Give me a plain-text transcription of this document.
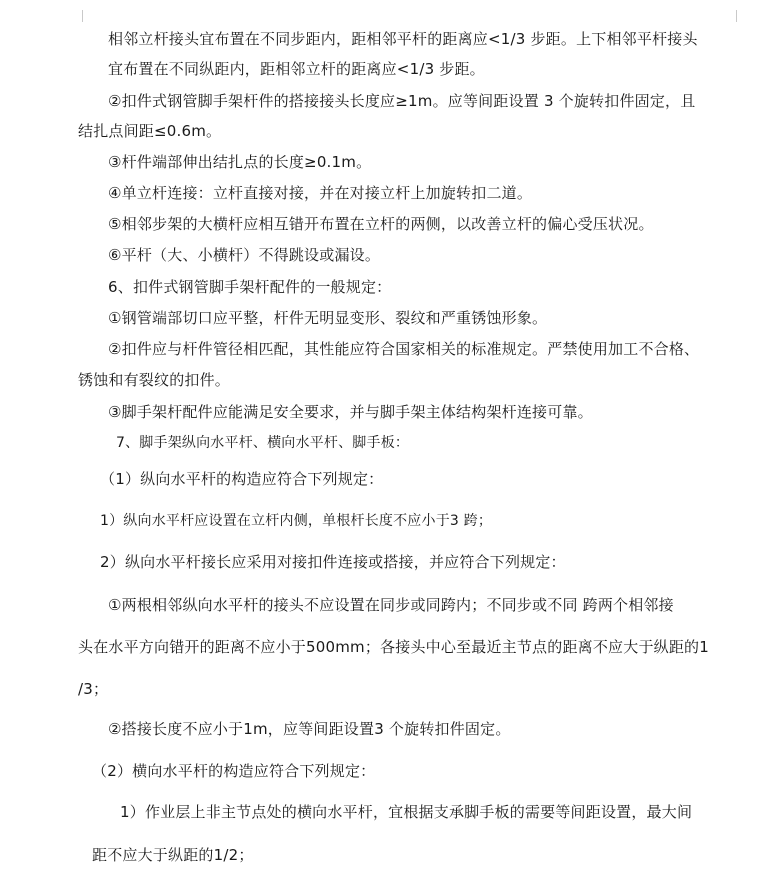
相邻立杆接头宜布置在不同步距内，距相邻平杆的距离应<1/3 步距。上下相邻平杆接头
宜布置在不同纵距内，距相邻立杆的距离应<1/3 步距。
②扣件式钢管脚手架杆件的搭接接头长度应≥1m。应等间距设置 3 个旋转扣件固定，且
结扎点间距≤0.6m。
③杆件端部伸出结扎点的长度≥0.1m。
④单立杆连接：立杆直接对接，并在对接立杆上加旋转扣二道。
⑤相邻步架的大横杆应相互错开布置在立杆的两侧，以改善立杆的偏心受压状况。
⑥平杆（大、小横杆）不得跳设或漏设。
6、扣件式钢管脚手架杆配件的一般规定：
①钢管端部切口应平整，杆件无明显变形、裂纹和严重锈蚀形象。
②扣件应与杆件管径相匹配，其性能应符合国家相关的标准规定。严禁使用加工不合格、
锈蚀和有裂纹的扣件。
③脚手架杆配件应能满足安全要求，并与脚手架主体结构架杆连接可靠。
7、脚手架纵向水平杆、横向水平杆、脚手板：
（1）纵向水平杆的构造应符合下列规定：
1）纵向水平杆应设置在立杆内侧，单根杆长度不应小于3 跨；
2）纵向水平杆接长应采用对接扣件连接或搭接，并应符合下列规定：
①两根相邻纵向水平杆的接头不应设置在同步或同跨内；不同步或不同 跨两个相邻接
头在水平方向错开的距离不应小于500mm；各接头中心至最近主节点的距离不应大于纵距的1
/3；
②搭接长度不应小于1m，应等间距设置3 个旋转扣件固定。
（2）横向水平杆的构造应符合下列规定：
1）作业层上非主节点处的横向水平杆，宜根据支承脚手板的需要等间距设置，最大间
距不应大于纵距的1/2；
